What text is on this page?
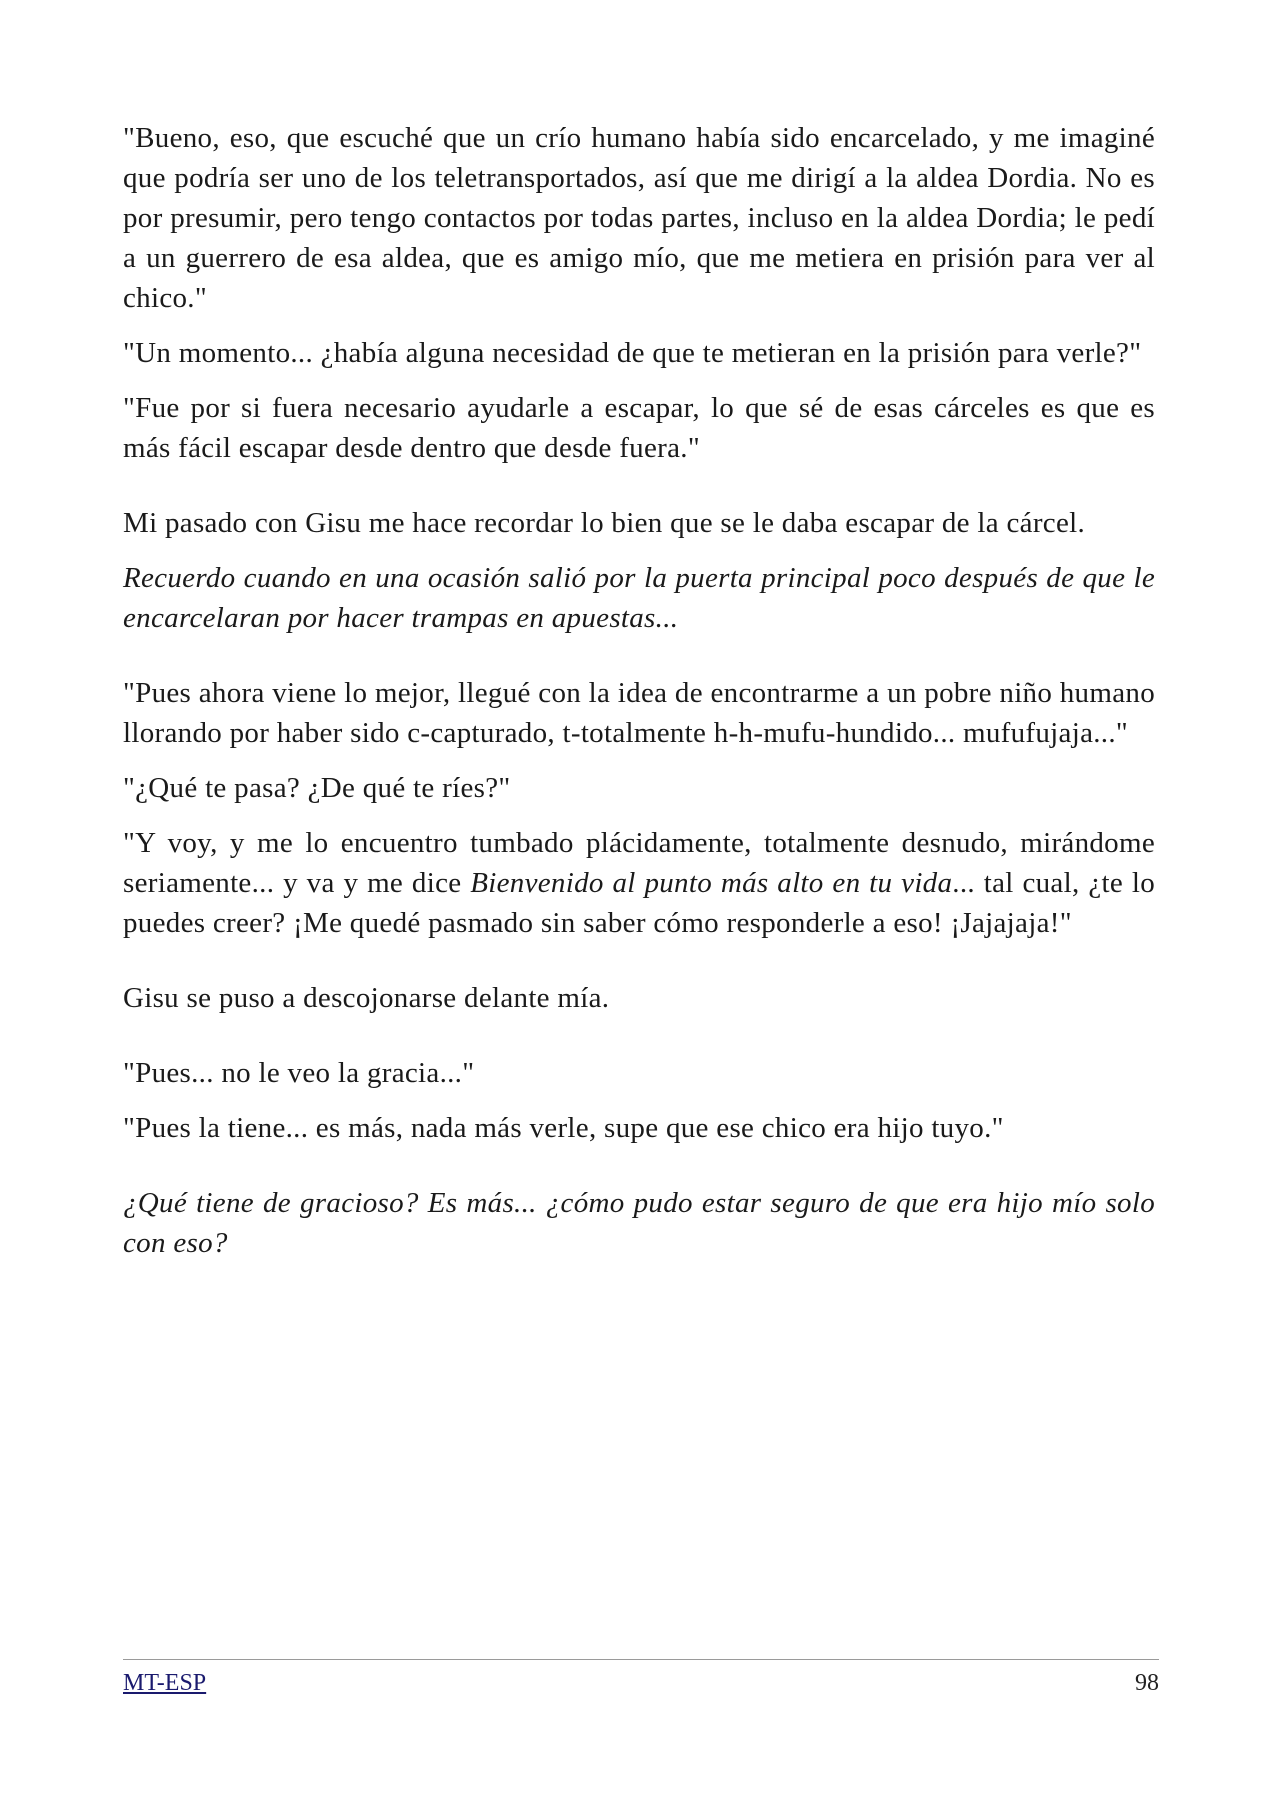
"Bueno, eso, que escuché que un crío humano había sido encarcelado, y me imaginé que podría ser uno de los teletransportados, así que me dirigí a la aldea Dordia. No es por presumir, pero tengo contactos por todas partes, incluso en la aldea Dordia; le pedí a un guerrero de esa aldea, que es amigo mío, que me metiera en prisión para ver al chico."

"Un momento... ¿había alguna necesidad de que te metieran en la prisión para verle?"

"Fue por si fuera necesario ayudarle a escapar, lo que sé de esas cárceles es que es más fácil escapar desde dentro que desde fuera."

Mi pasado con Gisu me hace recordar lo bien que se le daba escapar de la cárcel.

Recuerdo cuando en una ocasión salió por la puerta principal poco después de que le encarcelaran por hacer trampas en apuestas...

"Pues ahora viene lo mejor, llegué con la idea de encontrarme a un pobre niño humano llorando por haber sido c-capturado, t-totalmente h-h-mufu-hundido... mufufujaja..."

"¿Qué te pasa? ¿De qué te ríes?"

"Y voy, y me lo encuentro tumbado plácidamente, totalmente desnudo, mirándome seriamente... y va y me dice Bienvenido al punto más alto en tu vida... tal cual, ¿te lo puedes creer? ¡Me quedé pasmado sin saber cómo responderle a eso! ¡Jajajaja!"

Gisu se puso a descojonarse delante mía.

"Pues... no le veo la gracia..."

"Pues la tiene... es más, nada más verle, supe que ese chico era hijo tuyo."

¿Qué tiene de gracioso? Es más... ¿cómo pudo estar seguro de que era hijo mío solo con eso?

MT-ESP	98
